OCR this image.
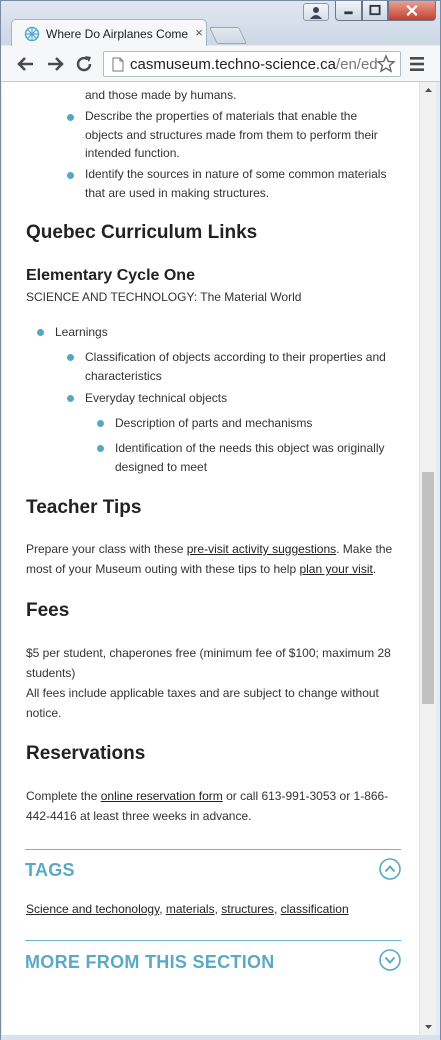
Where Do Airplanes Come ×
casmuseum.techno-science.ca/en/ed
and those made by humans.
Describe the properties of materials that enable the
objects and structures made from them to perform their
intended function.
Identify the sources in nature of some common materials
that are used in making structures.
Quebec Curriculum Links
Elementary Cycle One
SCIENCE AND TECHNOLOGY: The Material World
Learnings
Classification of objects according to their properties and
characteristics
Everyday technical objects
Description of parts and mechanisms
Identification of the needs this object was originally
designed to meet
Teacher Tips
Prepare your class with these pre-visit activity suggestions. Make the
most of your Museum outing with these tips to help plan your visit.
Fees
$5 per student, chaperones free (minimum fee of $100; maximum 28
students)
All fees include applicable taxes and are subject to change without
notice.
Reservations
Complete the online reservation form or call 613-991-3053 or 1-866-
442-4416 at least three weeks in advance.
TAGS
Science and techonology, materials, structures, classification
MORE FROM THIS SECTION
